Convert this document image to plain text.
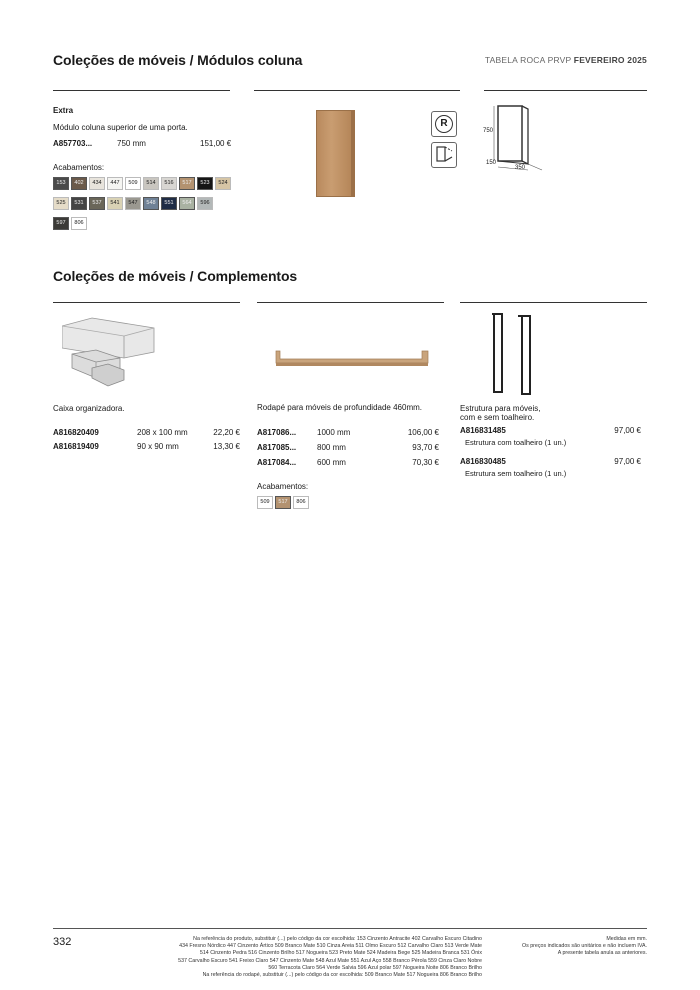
Coleções de móveis / Módulos coluna	TABELA ROCA PRVP FEVEREIRO 2025
Extra
Módulo coluna superior de uma porta.
A857703...	750 mm	151,00 €
Acabamentos:
153	402	434	447	509	514	516	517	523	524
525	531	537	541	547	548	551	564	596
597	806
R
750
150
350
Coleções de móveis / Complementos
Caixa organizadora.
A816820409	208 x 100 mm	22,20 €
A816819409	90 x 90 mm	13,30 €
Rodapé para móveis de profundidade 460mm.
A817086...	1000 mm	106,00 €
A817085...	800 mm	93,70 €
A817084...	600 mm	70,30 €
Acabamentos:
509	517	806
Estrutura para móveis,
com e sem toalheiro.
A816831485	97,00 €
Estrutura com toalheiro (1 un.)
A816830485	97,00 €
Estrutura sem toalheiro (1 un.)
332	Na referência do produto, substituir (...) pelo código da cor escolhida: 153 Cinzento Antracite 402 Carvalho Escuro Citadino
434 Fresno Nórdico 447 Cinzento Ártico 509 Branco Mate 510 Cinza Areia 511 Olmo Escuro 512 Carvalho Claro 513 Verde Mate
514 Cinzento Pedra 516 Cinzento Brilho 517 Nogueira 523 Preto Mate 524 Madeira Bege 525 Madeira Branca 531 Ónix
537 Carvalho Escuro 541 Freixo Claro 547 Cinzento Mate 548 Azul Mate 551 Azul Aço 558 Branco Pérola 559 Cinza Claro Nobre
560 Terracota Claro 564 Verde Salvia 596 Azul polar 597 Nogueira Noite 806 Branco Brilho
Na referência do rodapé, substituir (...) pelo código da cor escolhida: 509 Branco Mate 517 Nogueira 806 Branco Brilho
Medidas em mm.
Os preços indicados são unitários e não incluem IVA.
A presente tabela anula as anteriores.
